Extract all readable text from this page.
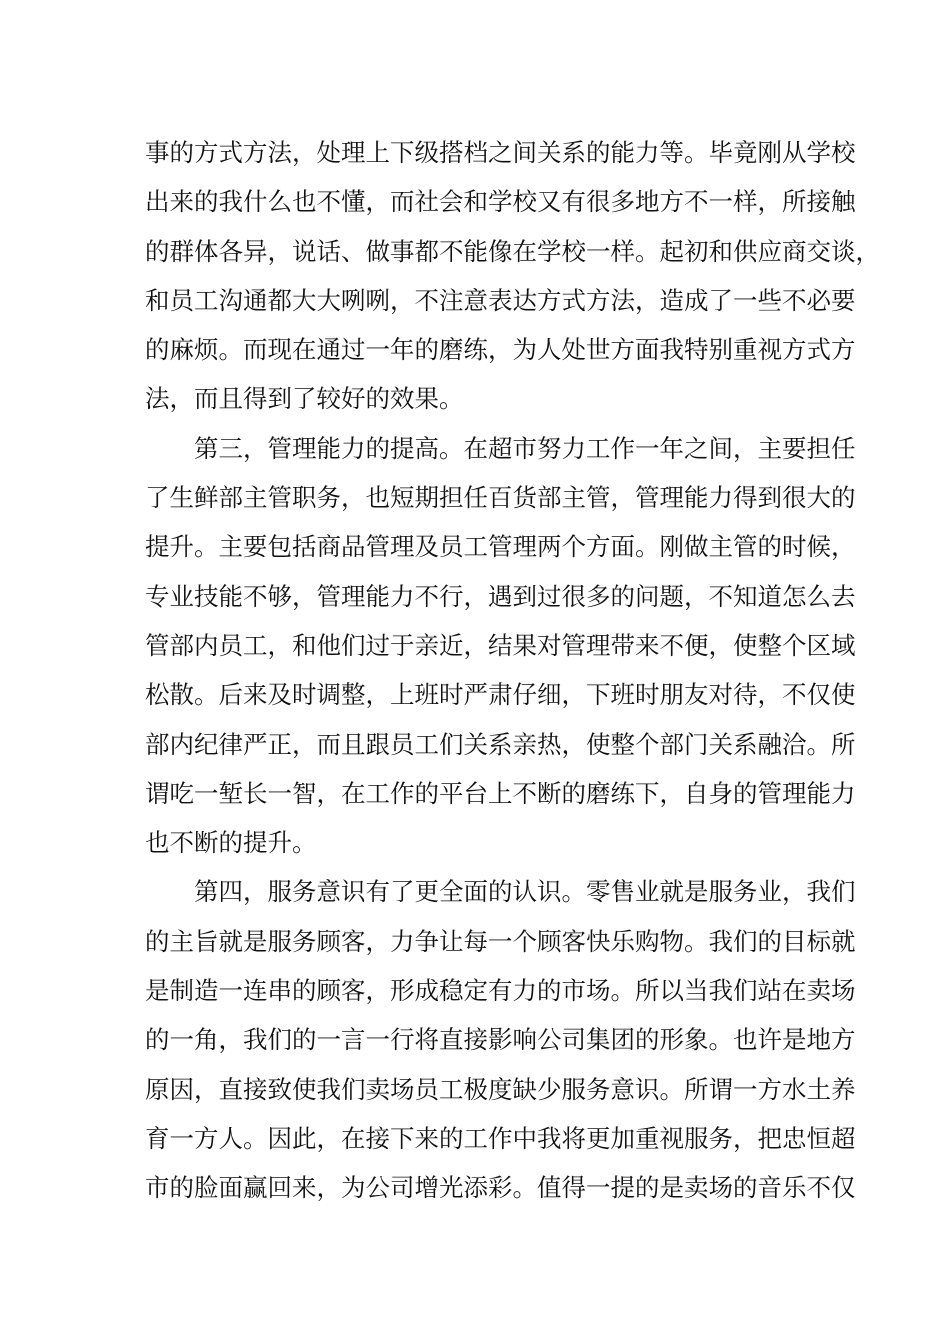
事的方式方法，处理上下级搭档之间关系的能力等。毕竟刚从学校
出来的我什么也不懂，而社会和学校又有很多地方不一样，所接触
的群体各异，说话、做事都不能像在学校一样。起初和供应商交谈，
和员工沟通都大大咧咧，不注意表达方式方法，造成了一些不必要
的麻烦。而现在通过一年的磨练，为人处世方面我特别重视方式方
法，而且得到了较好的效果。
第三，管理能力的提高。在超市努力工作一年之间，主要担任
了生鲜部主管职务，也短期担任百货部主管，管理能力得到很大的
提升。主要包括商品管理及员工管理两个方面。刚做主管的时候，
专业技能不够，管理能力不行，遇到过很多的问题，不知道怎么去
管部内员工，和他们过于亲近，结果对管理带来不便，使整个区域
松散。后来及时调整，上班时严肃仔细，下班时朋友对待，不仅使
部内纪律严正，而且跟员工们关系亲热，使整个部门关系融洽。所
谓吃一堑长一智，在工作的平台上不断的磨练下，自身的管理能力
也不断的提升。
第四，服务意识有了更全面的认识。零售业就是服务业，我们
的主旨就是服务顾客，力争让每一个顾客快乐购物。我们的目标就
是制造一连串的顾客，形成稳定有力的市场。所以当我们站在卖场
的一角，我们的一言一行将直接影响公司集团的形象。也许是地方
原因，直接致使我们卖场员工极度缺少服务意识。所谓一方水土养
育一方人。因此，在接下来的工作中我将更加重视服务，把忠恒超
市的脸面赢回来，为公司增光添彩。值得一提的是卖场的音乐不仅
